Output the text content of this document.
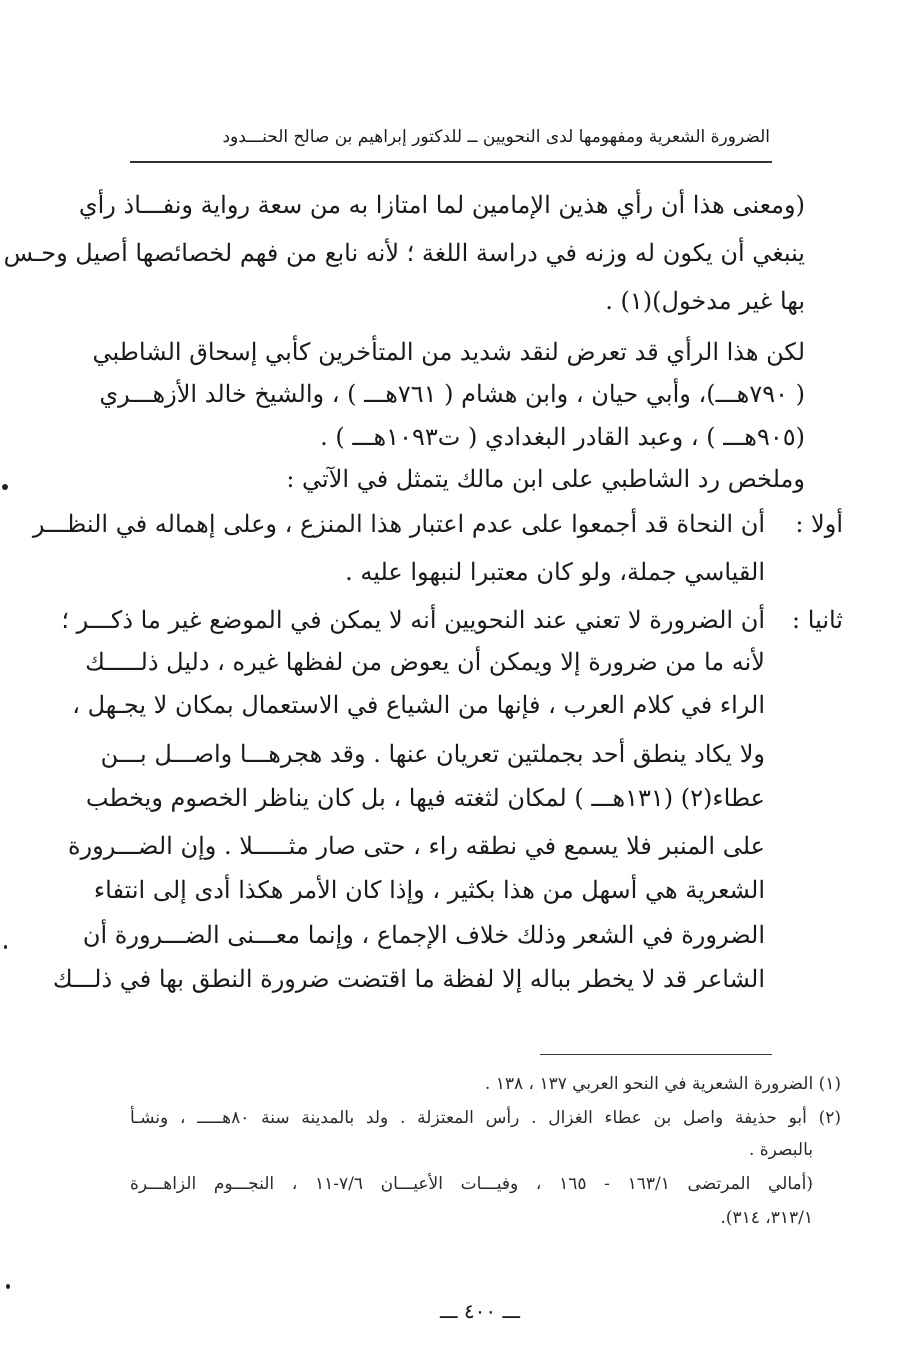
الضرورة الشعرية ومفهومها لدى النحويين ــ للدكتور إبراهيم بن صالح الحنـــدود
(ومعنى هذا أن رأي هذين الإمامين لما امتازا به من سعة رواية ونفـــاذ رأي
ينبغي أن يكون له وزنه في دراسة اللغة ؛ لأنه نابع من فهم لخصائصها أصيل وحـس
بها غير مدخول)(١) .
لكن هذا الرأي قد تعرض لنقد شديد من المتأخرين كأبي إسحاق الشاطبي
( ٧٩٠هـــ)، وأبي حيان ، وابن هشام ( ٧٦١هـــ ) ، والشيخ خالد الأزهـــري
(٩٠٥هـــ ) ، وعبد القادر البغدادي ( ت١٠٩٣هـــ ) .
وملخص رد الشاطبي على ابن مالك يتمثل في الآتي :
أولا :
أن النحاة قد أجمعوا على عدم اعتبار هذا المنزع ، وعلى إهماله في النظـــر
القياسي جملة، ولو كان معتبرا لنبهوا عليه .
ثانيا :
أن الضرورة لا تعني عند النحويين أنه لا يمكن في الموضع غير ما ذكـــر ؛
لأنه ما من ضرورة إلا ويمكن أن يعوض من لفظها غيره ، دليل ذلـــــك
الراء في كلام العرب ، فإنها من الشياع في الاستعمال بمكان لا يجـهل ،
ولا يكاد ينطق أحد بجملتين تعريان عنها . وقد هجرهـــا واصـــل بـــن
عطاء(٢) (١٣١هـــ ) لمكان لثغته فيها ، بل كان يناظر الخصوم ويخطب
على المنبر فلا يسمع في نطقه راء ، حتى صار مثـــــلا . وإن الضـــرورة
الشعرية هي أسهل من هذا بكثير ، وإذا كان الأمر هكذا أدى إلى انتفاء
الضرورة في الشعر وذلك خلاف الإجماع ، وإنما معـــنى الضـــرورة أن
الشاعر قد لا يخطر بباله إلا لفظة ما اقتضت ضرورة النطق بها في ذلـــك
(١) الضرورة الشعرية في النحو العربي ١٣٧ ، ١٣٨ .
(٢) أبو حذيفة واصل بن عطاء الغزال . رأس المعتزلة . ولد بالمدينة سنة ٨٠هـــــ ، ونشـأ
بالبصرة .
(أمالي المرتضى ١٦٣/١ - ١٦٥ ، وفيـــات الأعيـــان ٧/٦-١١ ، النجـــوم الزاهـــرة
٣١٣/١، ٣١٤).
ـــ ٤٠٠ ـــ
